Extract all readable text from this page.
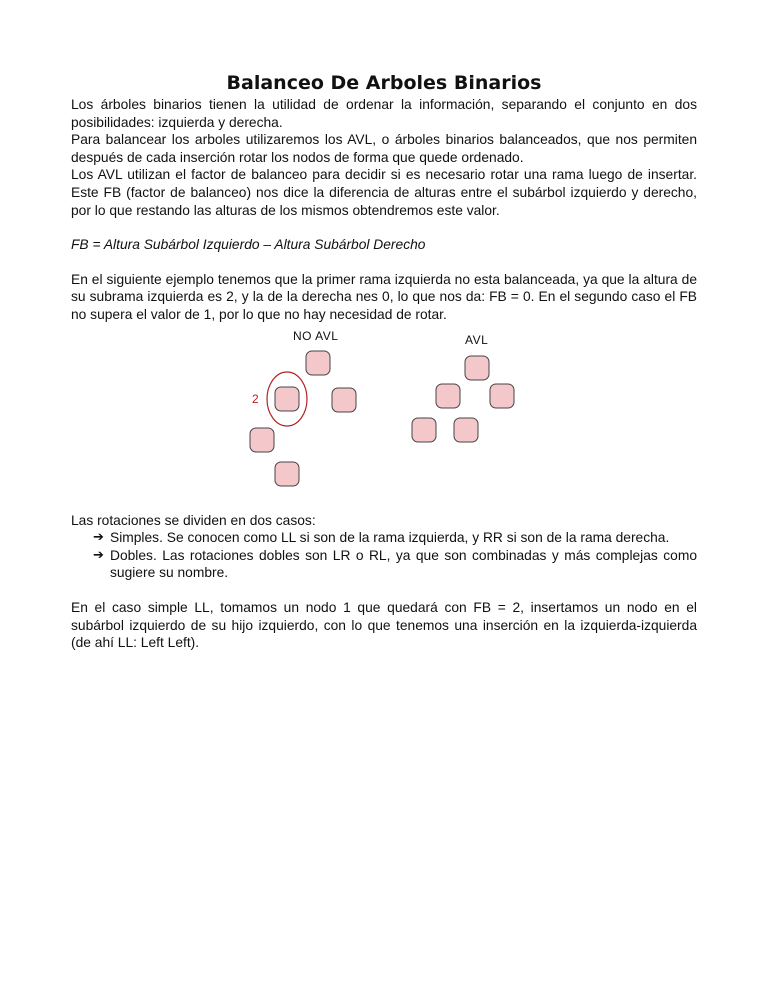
Balanceo De Arboles Binarios

Los árboles binarios tienen la utilidad de ordenar la información, separando el conjunto en dos posibilidades: izquierda y derecha.

Para balancear los arboles utilizaremos los AVL, o árboles binarios balanceados, que nos permiten después de cada inserción rotar los nodos de forma que quede ordenado.

Los AVL utilizan el factor de balanceo para decidir si es necesario rotar una rama luego de insertar. Este FB (factor de balanceo) nos dice la diferencia de alturas entre el subárbol izquierdo y derecho, por lo que restando las alturas de los mismos obtendremos este valor.

FB = Altura Subárbol Izquierdo – Altura Subárbol Derecho

En el siguiente ejemplo tenemos que la primer rama izquierda no esta balanceada, ya que la altura de su subrama izquierda es 2, y la de la derecha nes 0, lo que nos da: FB = 0. En el segundo caso el FB no supera el valor de 1, por lo que no hay necesidad de rotar.

NO AVL
2
AVL

Las rotaciones se dividen en dos casos:

➔ Simples. Se conocen como LL si son de la rama izquierda, y RR si son de la rama derecha.
➔ Dobles. Las rotaciones dobles son LR o RL, ya que son combinadas y más complejas como sugiere su nombre.

En el caso simple LL, tomamos un nodo 1 que quedará con FB = 2, insertamos un nodo en el subárbol izquierdo de su hijo izquierdo, con lo que tenemos una inserción en la izquierda-izquierda (de ahí LL: Left Left).
